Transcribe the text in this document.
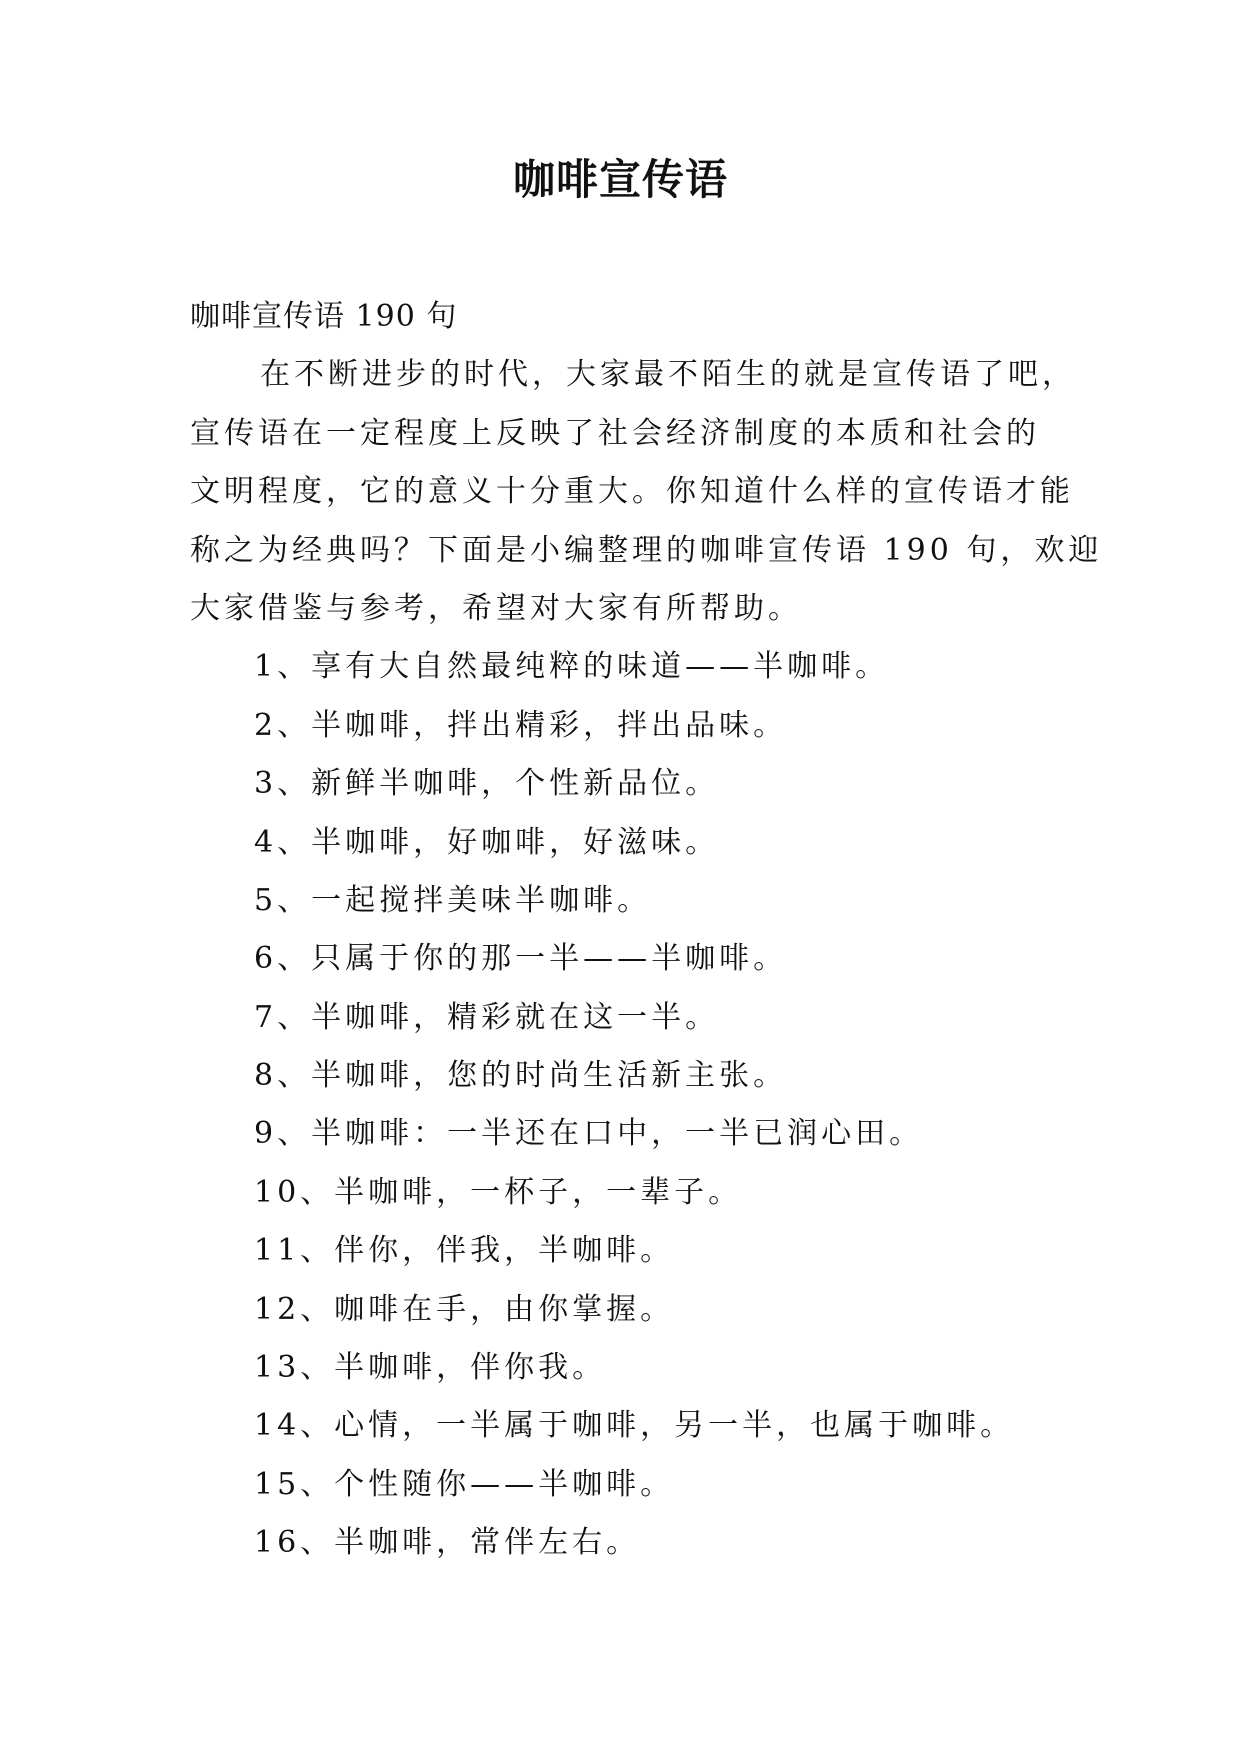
咖啡宣传语

咖啡宣传语 190 句

在不断进步的时代，大家最不陌生的就是宣传语了吧，

宣传语在一定程度上反映了社会经济制度的本质和社会的

文明程度，它的意义十分重大。你知道什么样的宣传语才能

称之为经典吗？下面是小编整理的咖啡宣传语 190 句，欢迎

大家借鉴与参考，希望对大家有所帮助。

1、享有大自然最纯粹的味道——半咖啡。

2、半咖啡，拌出精彩，拌出品味。

3、新鲜半咖啡，个性新品位。

4、半咖啡，好咖啡，好滋味。

5、一起搅拌美味半咖啡。

6、只属于你的那一半——半咖啡。

7、半咖啡，精彩就在这一半。

8、半咖啡，您的时尚生活新主张。

9、半咖啡：一半还在口中，一半已润心田。

10、半咖啡，一杯子，一辈子。

11、伴你，伴我，半咖啡。

12、咖啡在手，由你掌握。

13、半咖啡，伴你我。

14、心情，一半属于咖啡，另一半，也属于咖啡。

15、个性随你——半咖啡。

16、半咖啡，常伴左右。
